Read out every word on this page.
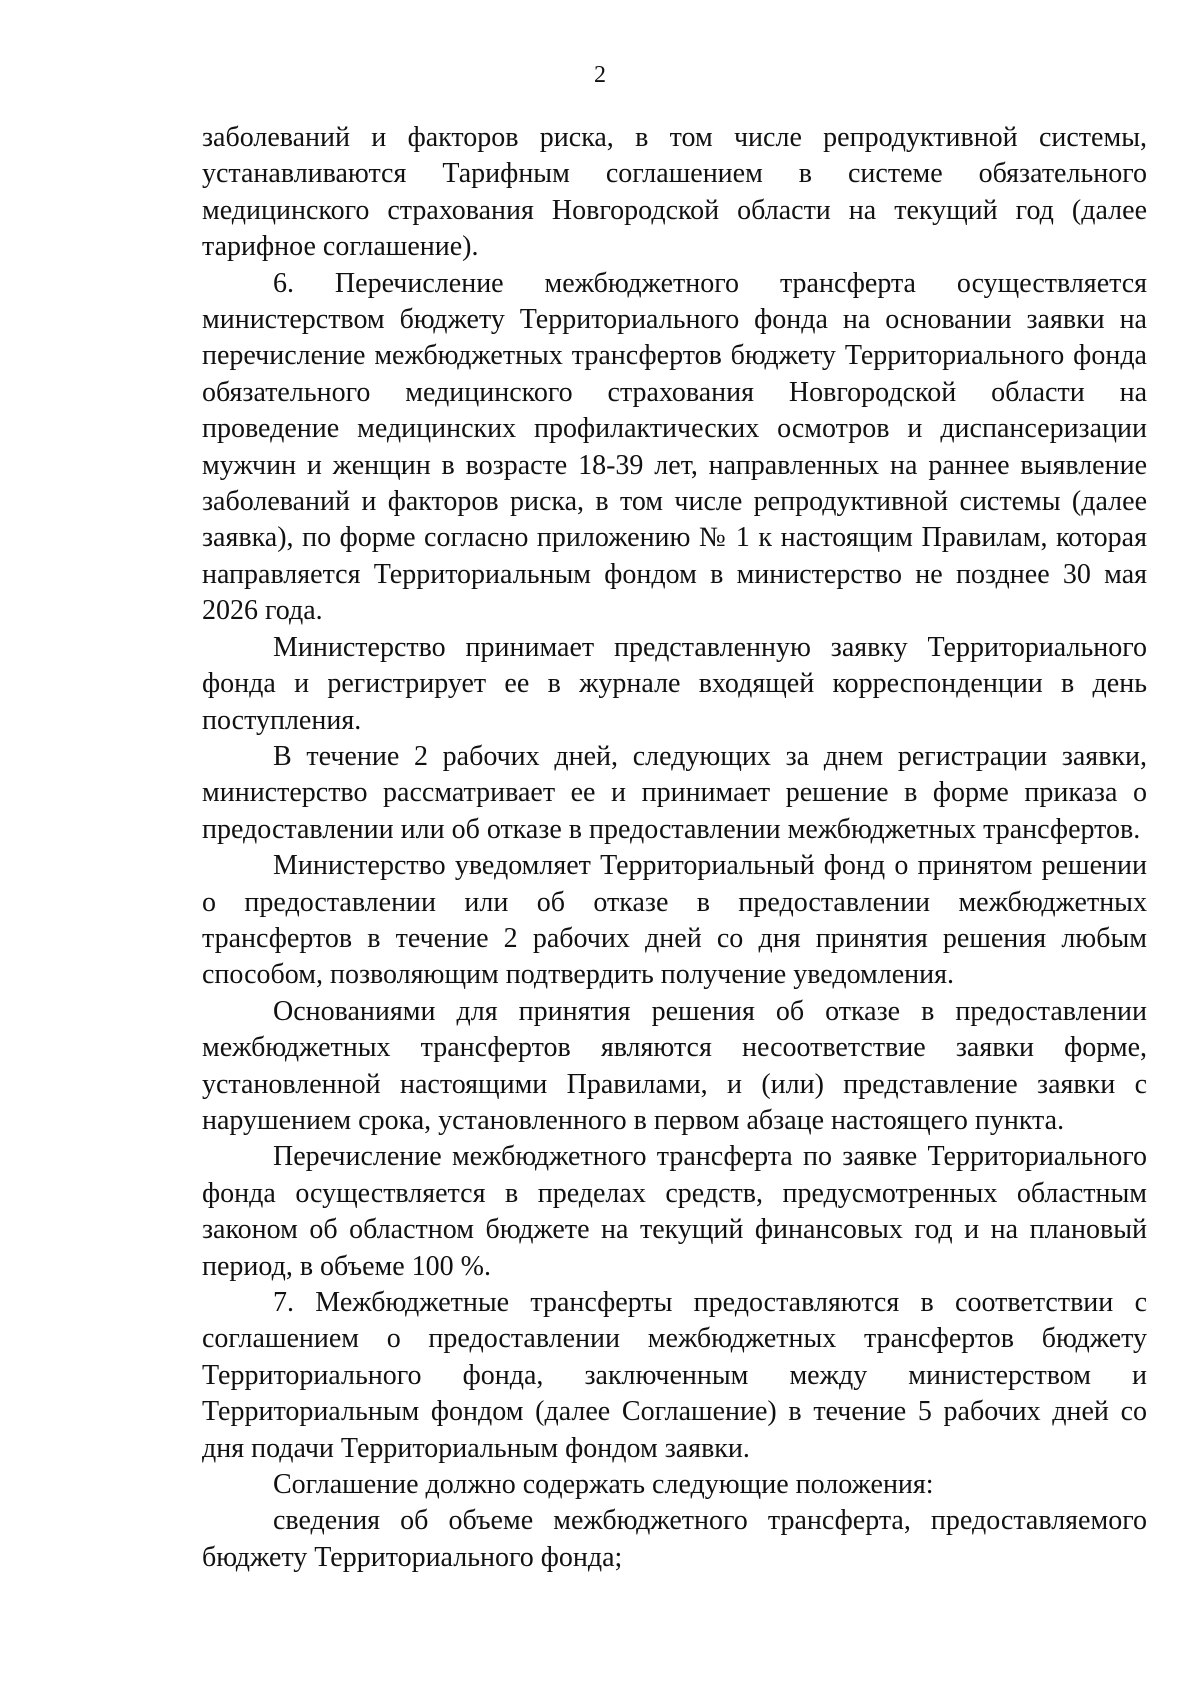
2

заболеваний и факторов риска, в том числе репродуктивной системы, устанавливаются Тарифным соглашением в системе обязательного медицинского страхования Новгородской области на текущий год (далее тарифное соглашение).

6. Перечисление межбюджетного трансферта осуществляется министерством бюджету Территориального фонда на основании заявки на перечисление межбюджетных трансфертов бюджету Территориального фонда обязательного медицинского страхования Новгородской области на проведение медицинских профилактических осмотров и диспансеризации мужчин и женщин в возрасте 18-39 лет, направленных на раннее выявление заболеваний и факторов риска, в том числе репродуктивной системы (далее заявка), по форме согласно приложению № 1 к настоящим Правилам, которая направляется Территориальным фондом в министерство не позднее 30 мая 2026 года.

Министерство принимает представленную заявку Территориального фонда и регистрирует ее в журнале входящей корреспонденции в день поступления.

В течение 2 рабочих дней, следующих за днем регистрации заявки, министерство рассматривает ее и принимает решение в форме приказа о предоставлении или об отказе в предоставлении межбюджетных трансфертов.

Министерство уведомляет Территориальный фонд о принятом решении о предоставлении или об отказе в предоставлении межбюджетных трансфертов в течение 2 рабочих дней со дня принятия решения любым способом, позволяющим подтвердить получение уведомления.

Основаниями для принятия решения об отказе в предоставлении межбюджетных трансфертов являются несоответствие заявки форме, установленной настоящими Правилами, и (или) представление заявки с нарушением срока, установленного в первом абзаце настоящего пункта.

Перечисление межбюджетного трансферта по заявке Территориального фонда осуществляется в пределах средств, предусмотренных областным законом об областном бюджете на текущий финансовых год и на плановый период, в объеме 100 %.

7. Межбюджетные трансферты предоставляются в соответствии с соглашением о предоставлении межбюджетных трансфертов бюджету Территориального фонда, заключенным между министерством и Территориальным фондом (далее Соглашение) в течение 5 рабочих дней со дня подачи Территориальным фондом заявки.

Соглашение должно содержать следующие положения:

сведения об объеме межбюджетного трансферта, предоставляемого бюджету Территориального фонда;
